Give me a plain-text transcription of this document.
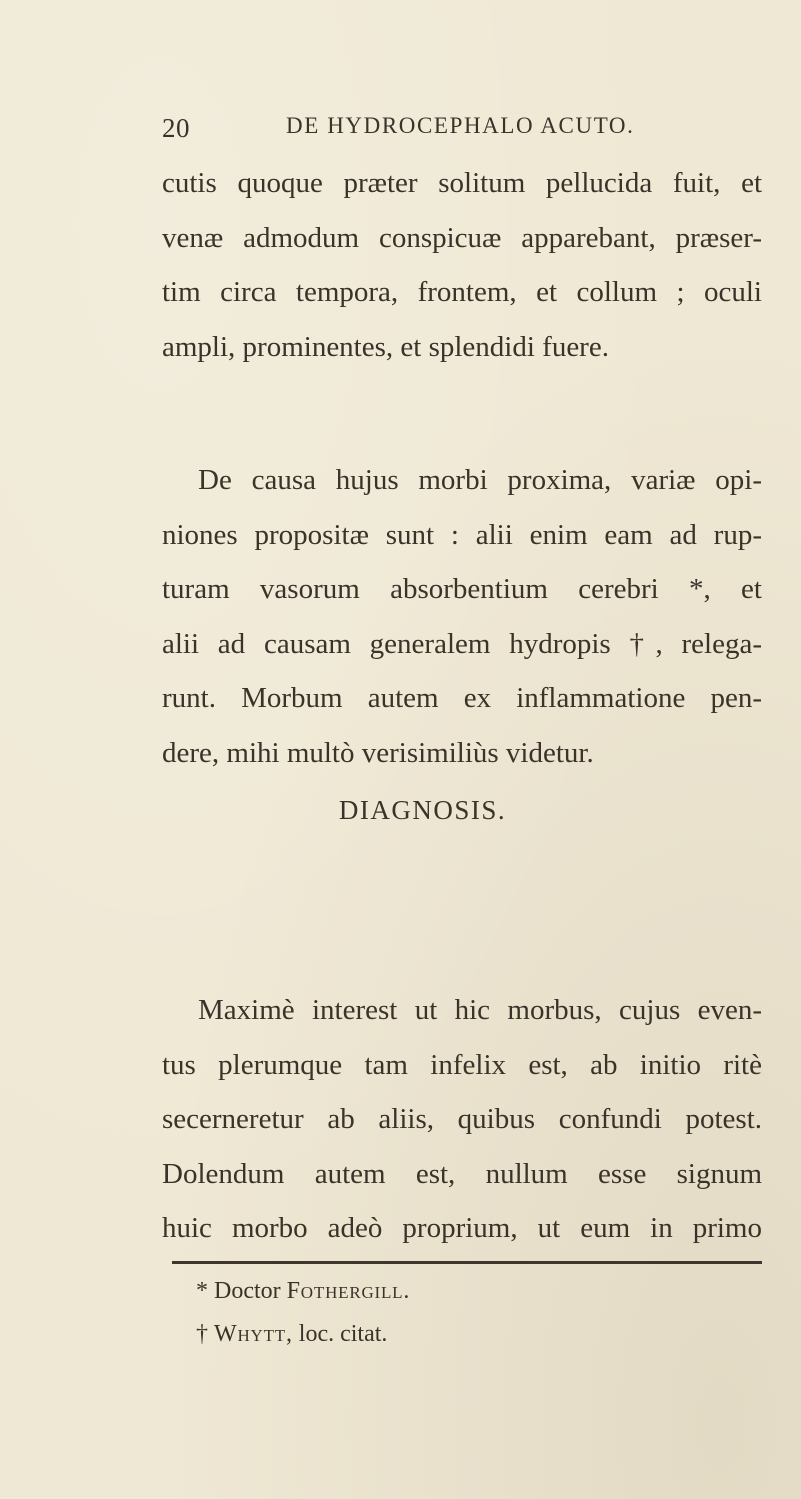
20	DE HYDROCEPHALO ACUTO.
cutis quoque præter solitum pellucida fuit, et
venæ admodum conspicuæ apparebant, præser-
tim circa tempora, frontem, et collum ; oculi
ampli, prominentes, et splendidi fuere.
De causa hujus morbi proxima, variæ opi-
niones propositæ sunt : alii enim eam ad rup-
turam vasorum absorbentium cerebri *, et
alii ad causam generalem hydropis †, relega-
runt. Morbum autem ex inflammatione pen-
dere, mihi multò verisimiliùs videtur.
DIAGNOSIS.
Maximè interest ut hic morbus, cujus even-
tus plerumque tam infelix est, ab initio ritè
secerneretur ab aliis, quibus confundi potest.
Dolendum autem est, nullum esse signum
huic morbo adeò proprium, ut eum in primo
* Doctor Fothergill.
† Whytt, loc. citat.
